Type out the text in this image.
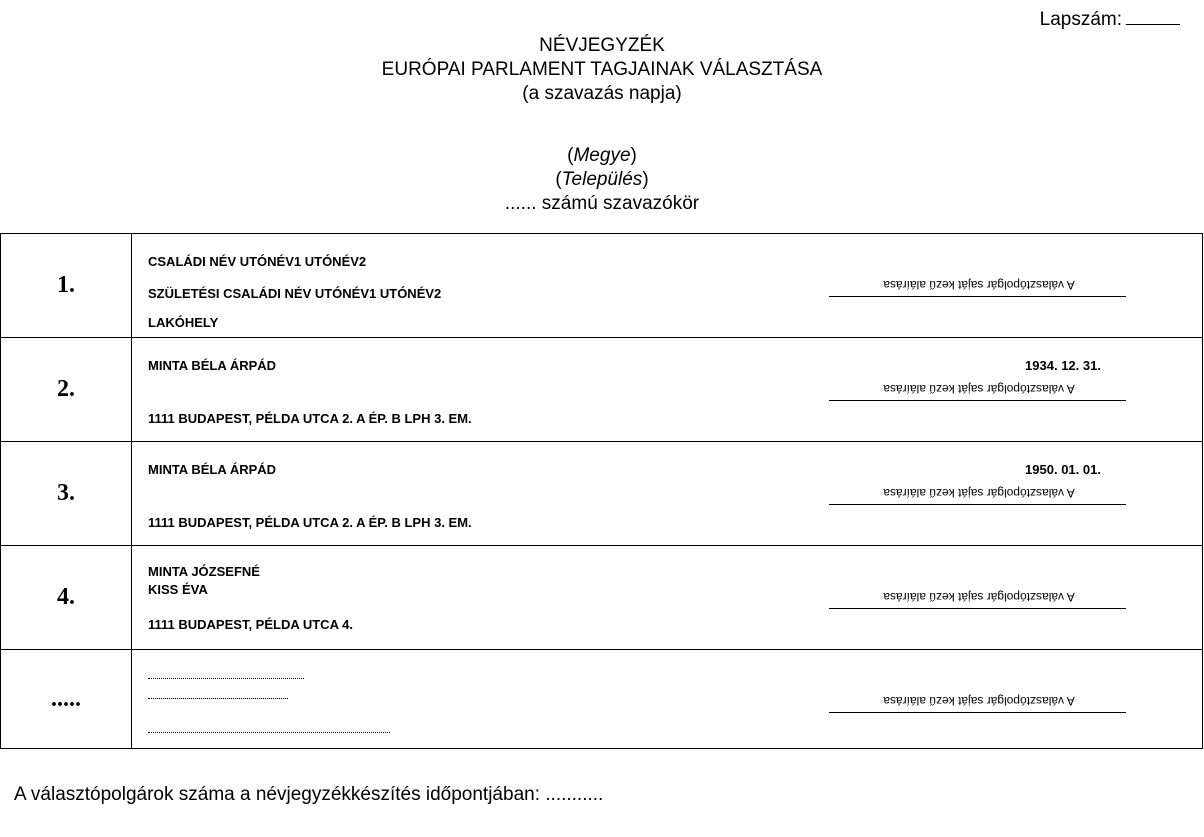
Lapszám:
NÉVJEGYZÉK
EURÓPAI PARLAMENT TAGJAINAK VÁLASZTÁSA
(a szavazás napja)
(Megye)
(Település)
...... számú szavazókör
1.	CSALÁDI NÉV UTÓNÉV1 UTÓNÉV2
SZÜLETÉSI CSALÁDI NÉV UTÓNÉV1 UTÓNÉV2
LAKÓHELY
A választópolgár saját kezű aláírása

2.	MINTA BÉLA ÁRPÁD
1111 BUDAPEST, PÉLDA UTCA 2. A ÉP. B LPH 3. EM.
1934. 12. 31.
A választópolgár saját kezű aláírása

3.	MINTA BÉLA ÁRPÁD
1111 BUDAPEST, PÉLDA UTCA 2. A ÉP. B LPH 3. EM.
1950. 01. 01.
A választópolgár saját kezű aláírása

4.	MINTA JÓZSEFNÉ
KISS ÉVA
1111 BUDAPEST, PÉLDA UTCA 4.
A választópolgár saját kezű aláírása

.....	A választópolgár saját kezű aláírása
A választópolgárok száma a névjegyzékkészítés időpontjában: ...........
